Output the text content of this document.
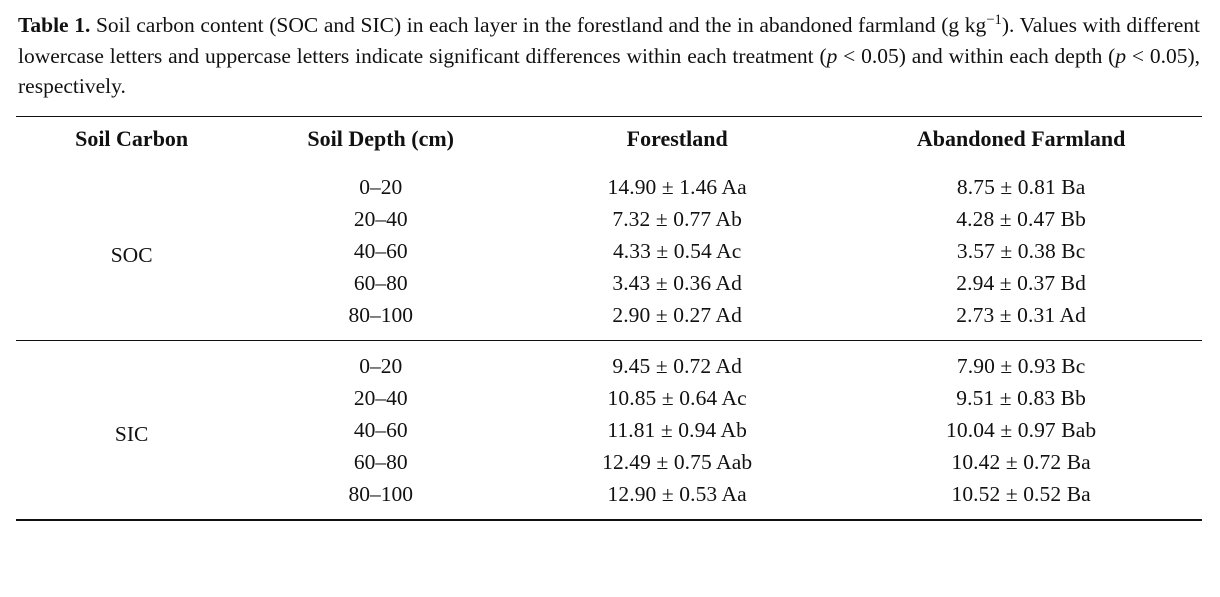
Table 1. Soil carbon content (SOC and SIC) in each layer in the forestland and the in abandoned farmland (g $kg^{-1}$). Values with different lowercase letters and uppercase letters indicate significant differences within each treatment (p < 0.05) and within each depth (p < 0.05), respectively.

Soil Carbon	Soil Depth (cm)	Forestland	Abandoned Farmland
SOC	0–20	14.90 ± 1.46 Aa	8.75 ± 0.81 Ba
	20–40	7.32 ± 0.77 Ab	4.28 ± 0.47 Bb
	40–60	4.33 ± 0.54 Ac	3.57 ± 0.38 Bc
	60–80	3.43 ± 0.36 Ad	2.94 ± 0.37 Bd
	80–100	2.90 ± 0.27 Ad	2.73 ± 0.31 Ad
SIC	0–20	9.45 ± 0.72 Ad	7.90 ± 0.93 Bc
	20–40	10.85 ± 0.64 Ac	9.51 ± 0.83 Bb
	40–60	11.81 ± 0.94 Ab	10.04 ± 0.97 Bab
	60–80	12.49 ± 0.75 Aab	10.42 ± 0.72 Ba
	80–100	12.90 ± 0.53 Aa	10.52 ± 0.52 Ba
